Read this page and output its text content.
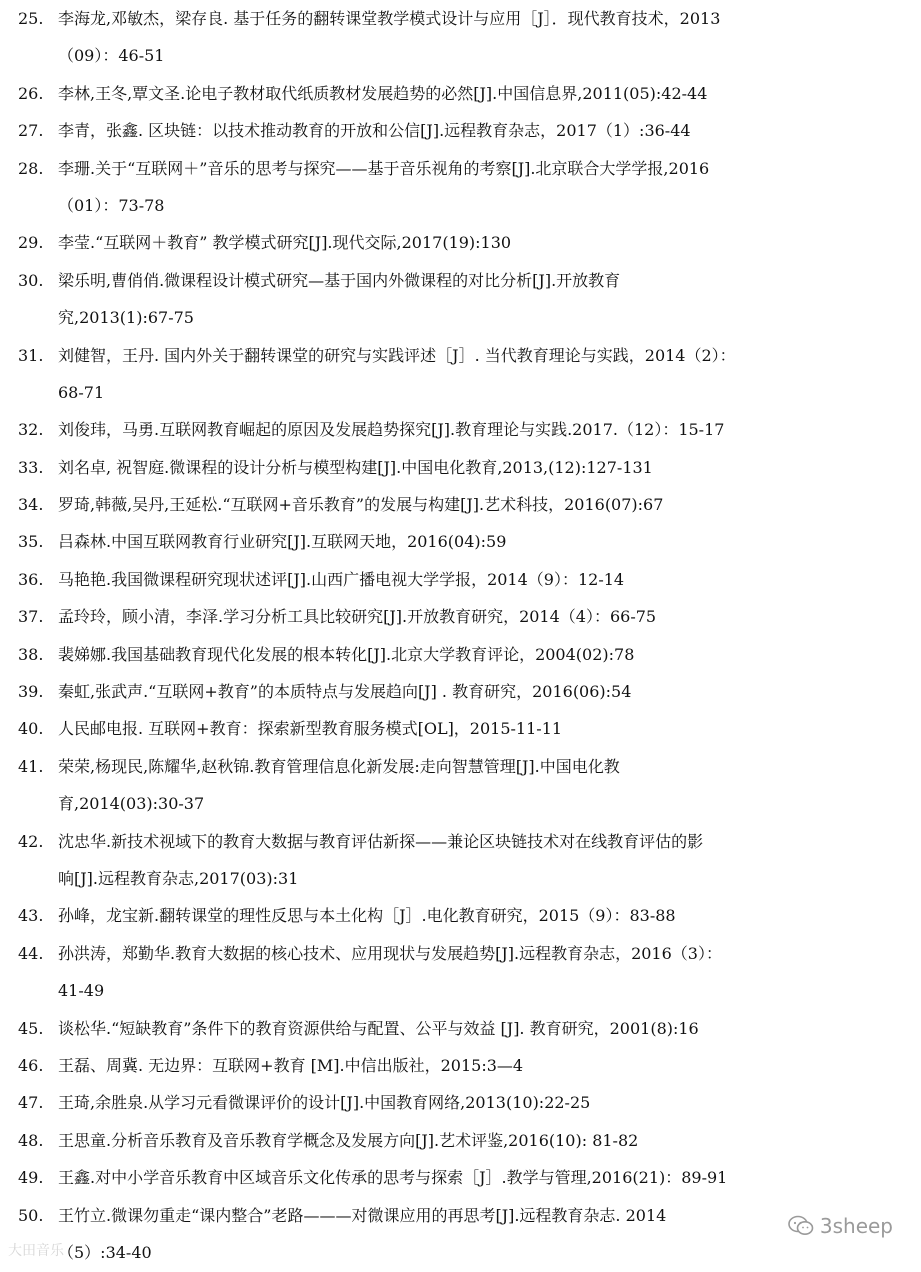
25. 李海龙,邓敏杰，梁存良. 基于任务的翻转课堂教学模式设计与应用［J］．现代教育技术，2013
（09）：46-51
26. 李林,王冬,覃文圣.论电子教材取代纸质教材发展趋势的必然[J].中国信息界,2011(05):42-44
27. 李青，张鑫. 区块链：以技术推动教育的开放和公信[J].远程教育杂志，2017（1）:36-44
28. 李珊.关于“互联网＋”音乐的思考与探究——基于音乐视角的考察[J].北京联合大学学报,2016
（01）：73-78
29. 李莹.“互联网＋教育” 教学模式研究[J].现代交际,2017(19):130
30. 梁乐明,曹俏俏.微课程设计模式研究—基于国内外微课程的对比分析[J].开放教育
究,2013(1):67-75
31. 刘健智，王丹. 国内外关于翻转课堂的研究与实践评述［J］. 当代教育理论与实践，2014（2）：
68-71
32. 刘俊玮，马勇.互联网教育崛起的原因及发展趋势探究[J].教育理论与实践.2017.（12）：15-17
33. 刘名卓, 祝智庭.微课程的设计分析与模型构建[J].中国电化教育,2013,(12):127-131
34. 罗琦,韩薇,吴丹,王延松.“互联网+音乐教育”的发展与构建[J].艺术科技，2016(07):67
35. 吕森林.中国互联网教育行业研究[J].互联网天地，2016(04):59
36. 马艳艳.我国微课程研究现状述评[J].山西广播电视大学学报，2014（9）：12-14
37. 孟玲玲，顾小清，李泽.学习分析工具比较研究[J].开放教育研究，2014（4）：66-75
38. 裴娣娜.我国基础教育现代化发展的根本转化[J].北京大学教育评论，2004(02):78
39. 秦虹,张武声.“互联网+教育”的本质特点与发展趋向[J] . 教育研究，2016(06):54
40. 人民邮电报. 互联网+教育：探索新型教育服务模式[OL]，2015-11-11
41. 荣荣,杨现民,陈耀华,赵秋锦.教育管理信息化新发展:走向智慧管理[J].中国电化教
育,2014(03):30-37
42. 沈忠华.新技术视域下的教育大数据与教育评估新探——兼论区块链技术对在线教育评估的影
响[J].远程教育杂志,2017(03):31
43. 孙峰，龙宝新.翻转课堂的理性反思与本土化构［J］.电化教育研究，2015（9）：83-88
44. 孙洪涛，郑勤华.教育大数据的核心技术、应用现状与发展趋势[J].远程教育杂志，2016（3）：
41-49
45. 谈松华.“短缺教育”条件下的教育资源供给与配置、公平与效益 [J]. 教育研究，2001(8):16
46. 王磊、周冀. 无边界：互联网+教育 [M].中信出版社，2015:3—4
47. 王琦,余胜泉.从学习元看微课评价的设计[J].中国教育网络,2013(10):22-25
48. 王思童.分析音乐教育及音乐教育学概念及发展方向[J].艺术评鉴,2016(10): 81-82
49. 王鑫.对中小学音乐教育中区域音乐文化传承的思考与探索［J］.教学与管理,2016(21)：89-91
50. 王竹立.微课勿重走“课内整合”老路———对微课应用的再思考[J].远程教育杂志. 2014
（5）:34-40
大田音乐
3sheep
